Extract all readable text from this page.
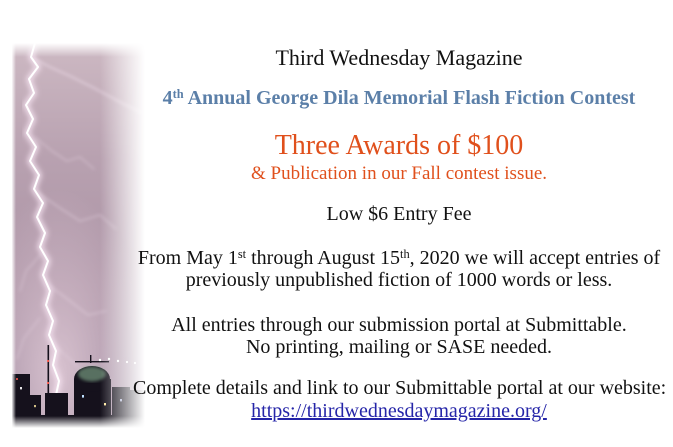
Third Wednesday Magazine
4th Annual George Dila Memorial Flash Fiction Contest
Three Awards of $100
& Publication in our Fall contest issue.
Low $6 Entry Fee
From May 1st through August 15th, 2020 we will accept entries of
previously unpublished fiction of 1000 words or less.
All entries through our submission portal at Submittable.
No printing, mailing or SASE needed.
Complete details and link to our Submittable portal at our website:
https://thirdwednesdaymagazine.org/
